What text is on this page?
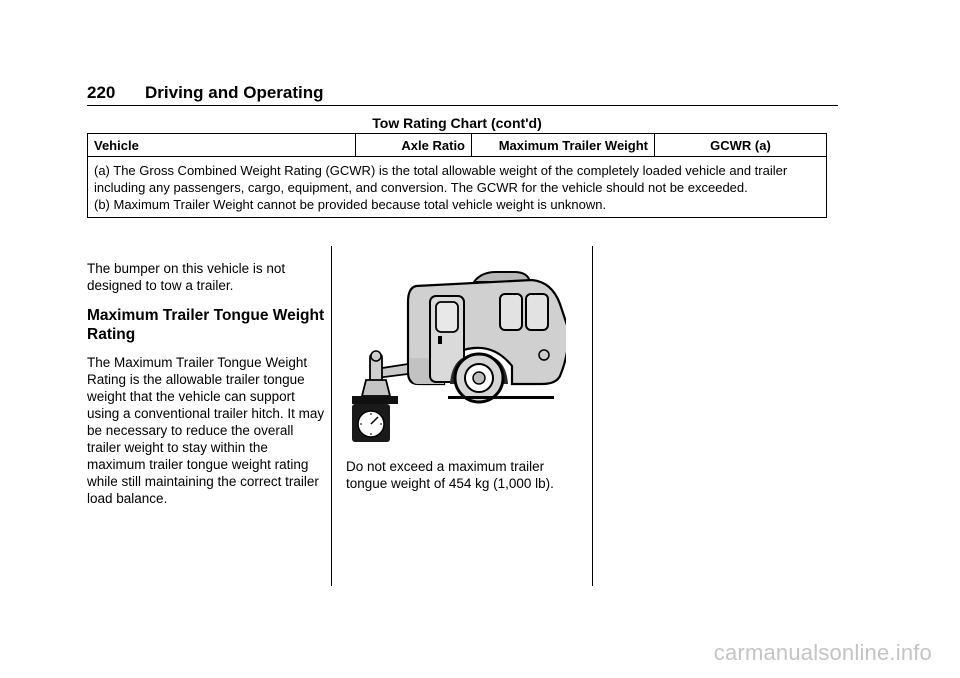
220 Driving and Operating
Tow Rating Chart (cont'd)
Vehicle	Axle Ratio	Maximum Trailer Weight	GCWR (a)

(a) The Gross Combined Weight Rating (GCWR) is the total allowable weight of the completely loaded vehicle and trailer including any passengers, cargo, equipment, and conversion. The GCWR for the vehicle should not be exceeded.
(b) Maximum Trailer Weight cannot be provided because total vehicle weight is unknown.

The bumper on this vehicle is not designed to tow a trailer.

Maximum Trailer Tongue Weight Rating

The Maximum Trailer Tongue Weight Rating is the allowable trailer tongue weight that the vehicle can support using a conventional trailer hitch. It may be necessary to reduce the overall trailer weight to stay within the maximum trailer tongue weight rating while still maintaining the correct trailer load balance.

Do not exceed a maximum trailer tongue weight of 454 kg (1,000 lb).

carmanualsonline.info
